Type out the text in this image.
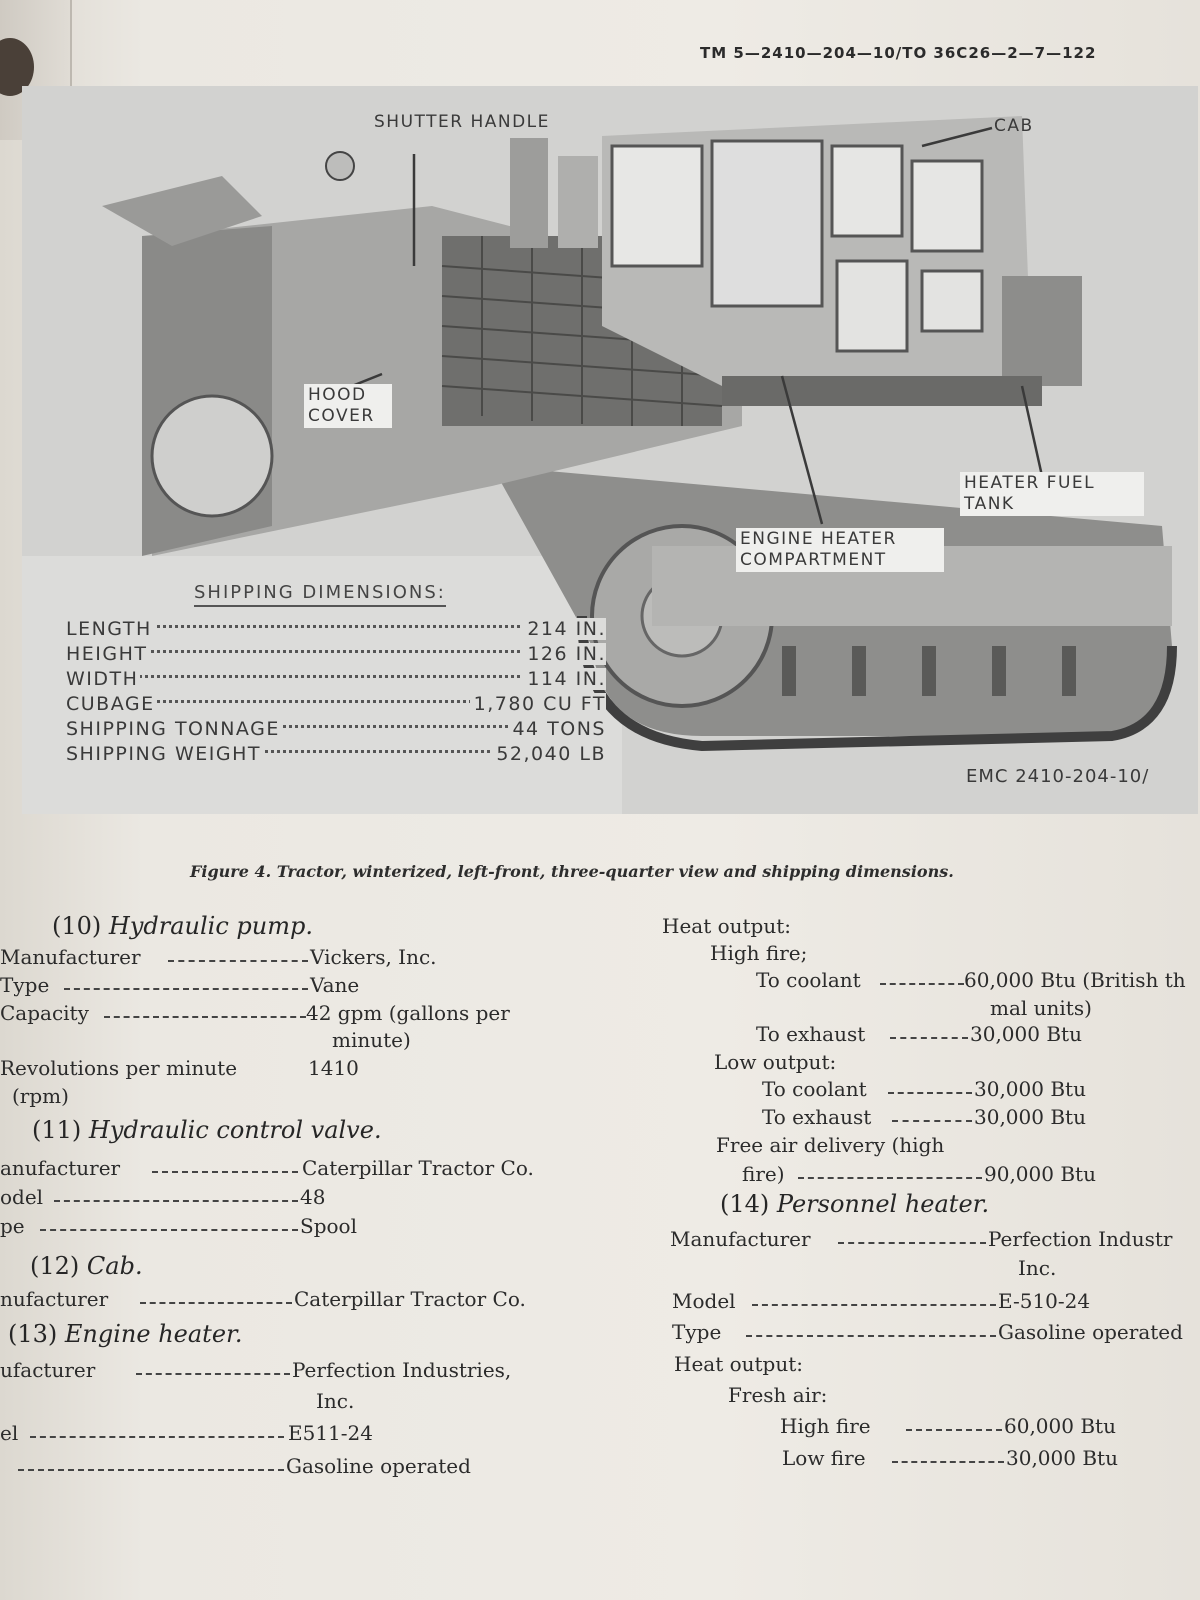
TM 5—2410—204—10/TO 36C26—2—7—122
SHUTTER HANDLE	CAB
HOOD COVER
HEATER FUEL TANK
ENGINE HEATER COMPARTMENT
SHIPPING DIMENSIONS:
LENGTH	214 IN.
HEIGHT	126 IN.
WIDTH	114 IN.
CUBAGE	1,780 CU FT
SHIPPING TONNAGE	44 TONS
SHIPPING WEIGHT	52,040 LB
EMC 2410-204-10/
Figure 4. Tractor, winterized, left-front, three-quarter view and shipping dimensions.
(10) Hydraulic pump.
Manufacturer	Vickers, Inc.
Type	Vane
Capacity	42 gpm (gallons per
minute)
Revolutions per minute	1410
(rpm)
(11) Hydraulic control valve.
anufacturer	Caterpillar Tractor Co.
odel	48
pe	Spool
(12) Cab.
nufacturer	Caterpillar Tractor Co.
(13) Engine heater.
ufacturer	Perfection Industries,
Inc.
el	E511-24
Gasoline operated
Heat output:
High fire;
To coolant	60,000 Btu (British th
mal units)
To exhaust	30,000 Btu
Low output:
To coolant	30,000 Btu
To exhaust	30,000 Btu
Free air delivery (high
fire)	90,000 Btu
(14) Personnel heater.
Manufacturer	Perfection Industr
Inc.
Model	E-510-24
Type	Gasoline operated
Heat output:
Fresh air:
High fire	60,000 Btu
Low fire	30,000 Btu
